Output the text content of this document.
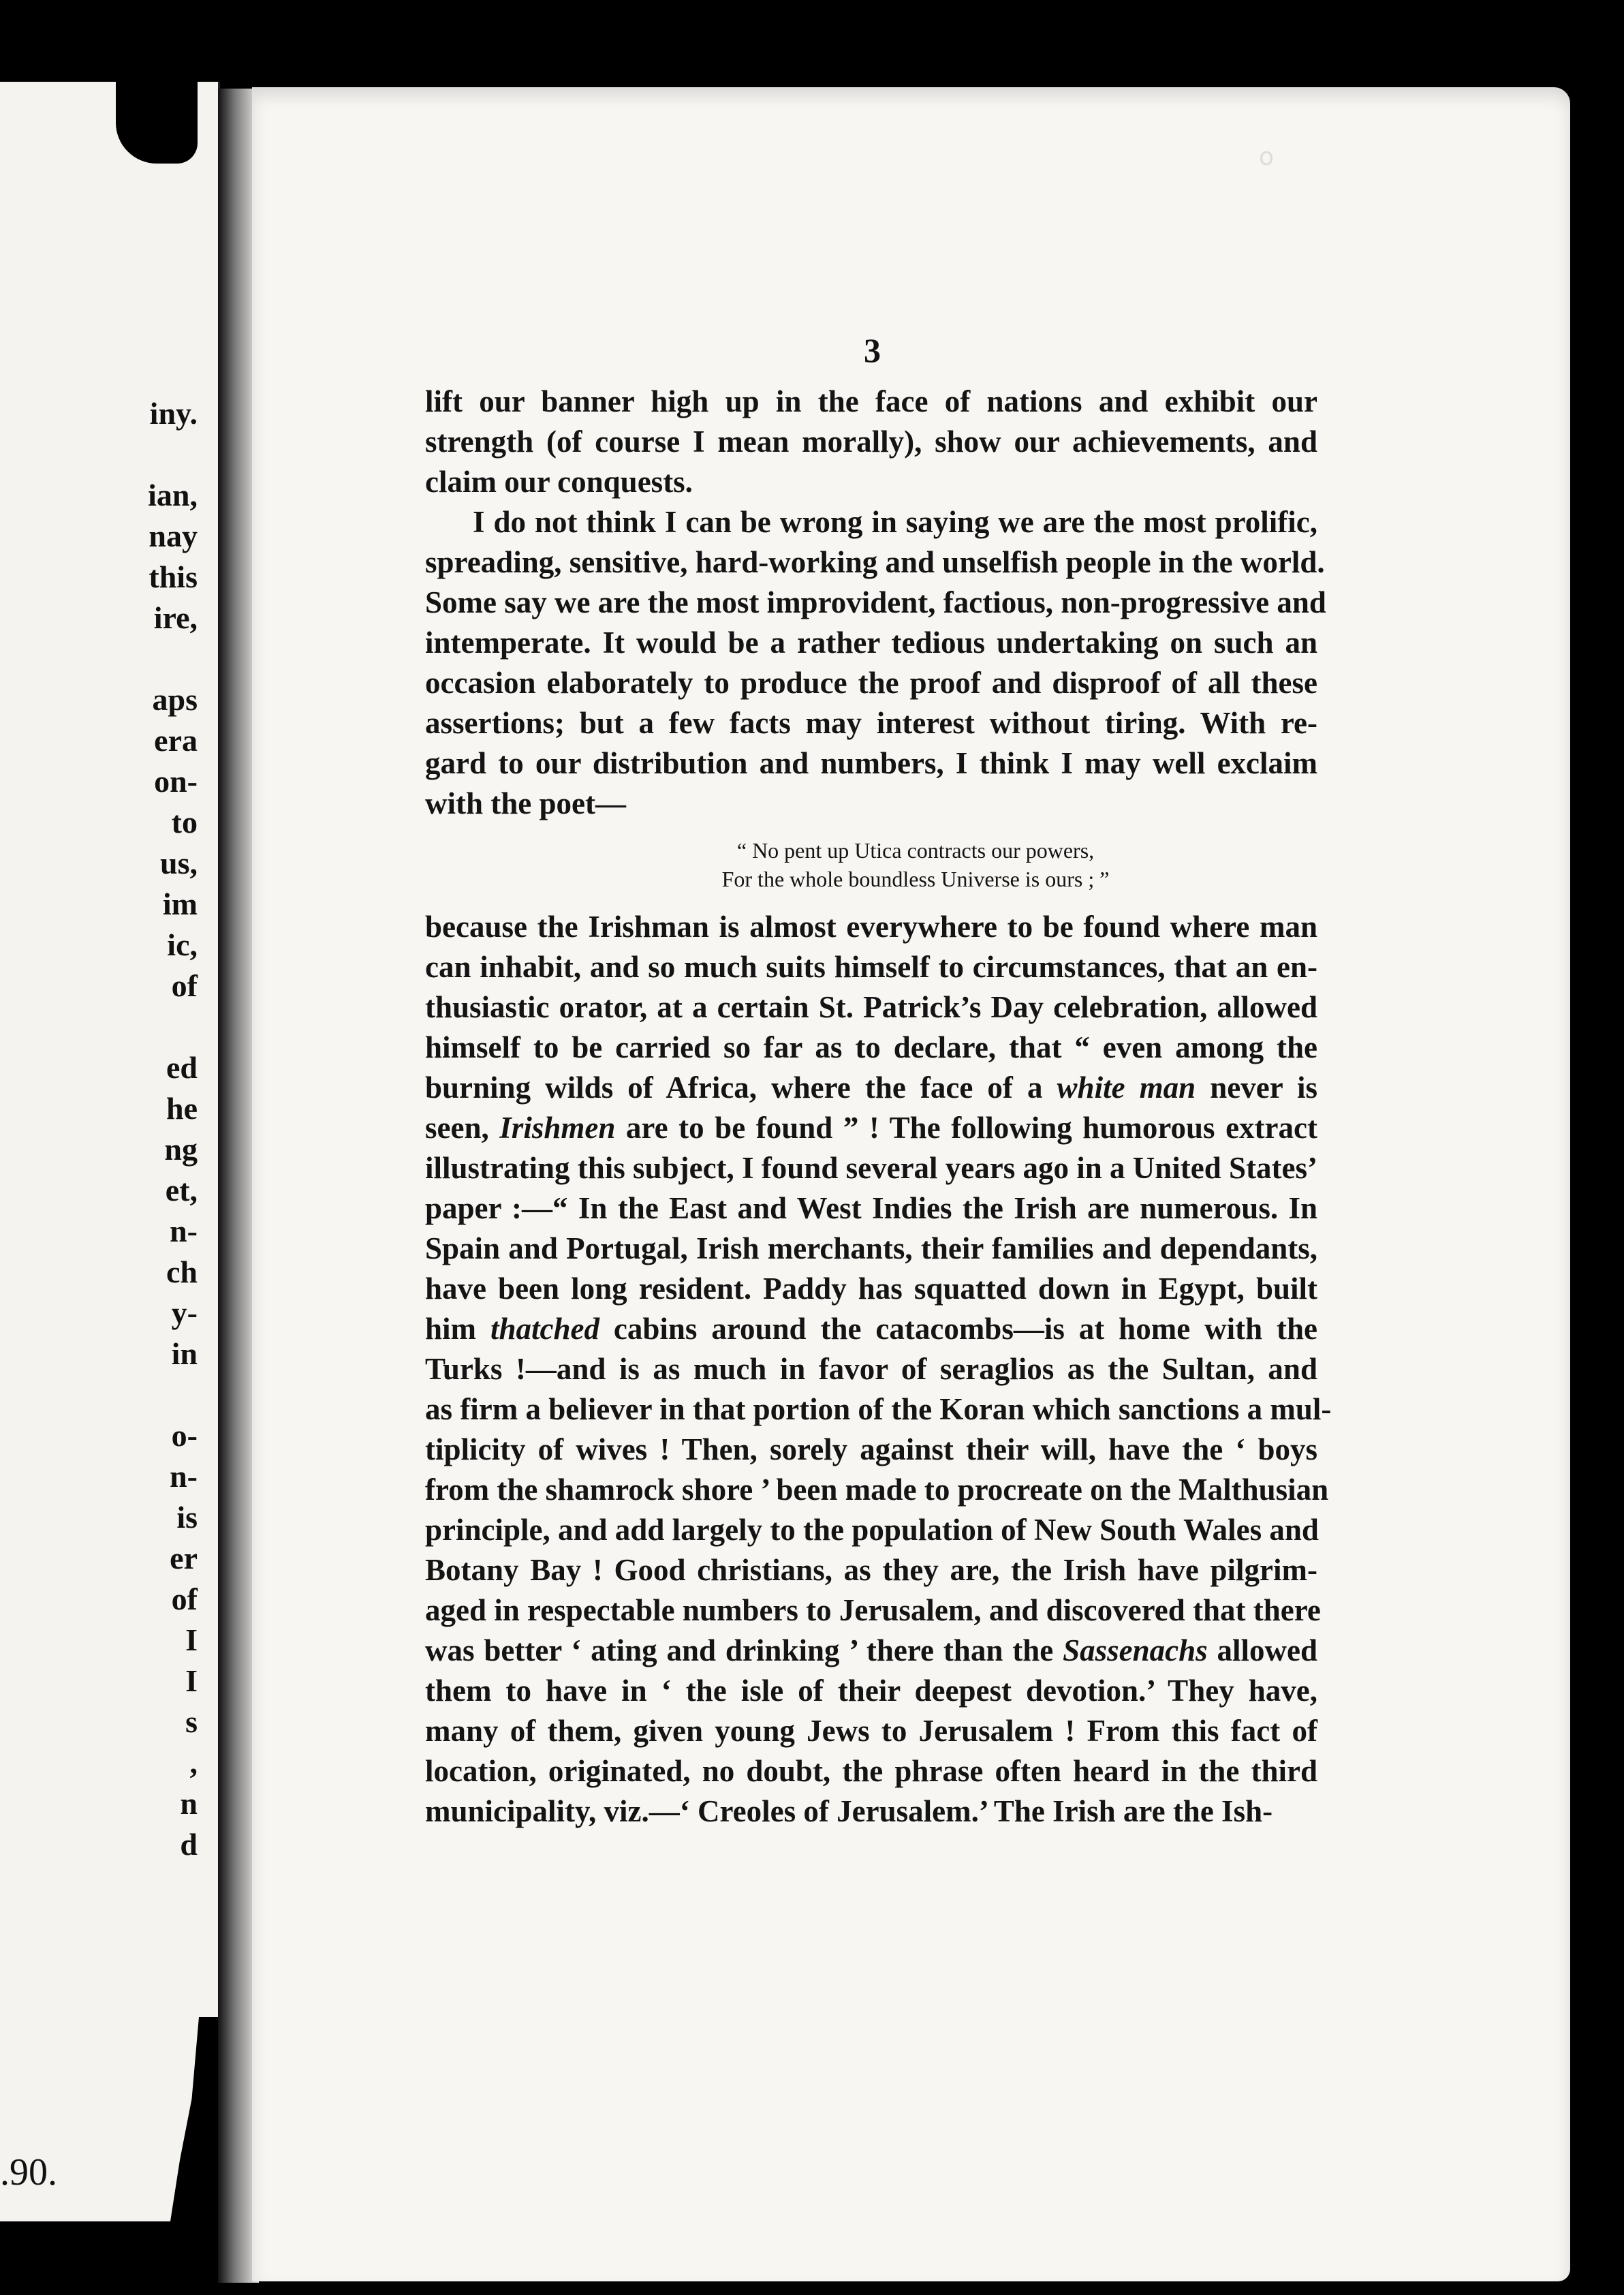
iny.
ian,
nay
this
ire,
aps
era
on-
to
us,
im
ic,
of
ed
he
ng
et,
n-
ch
y-
in
o-
n-
is
er
of
I
I
s
,
n
d
.90.
o
3

lift our banner high up in the face of nations and exhibit our
strength (of course I mean morally), show our achievements, and
claim our conquests.

I do not think I can be wrong in saying we are the most prolific,
spreading, sensitive, hard-working and unselfish people in the world.
Some say we are the most improvident, factious, non-progressive and
intemperate. It would be a rather tedious undertaking on such an
occasion elaborately to produce the proof and disproof of all these
assertions; but a few facts may interest without tiring. With re-
gard to our distribution and numbers, I think I may well exclaim
with the poet—

“ No pent up Utica contracts our powers,
For the whole boundless Universe is ours ; ”

because the Irishman is almost everywhere to be found where man
can inhabit, and so much suits himself to circumstances, that an en-
thusiastic orator, at a certain St. Patrick’s Day celebration, allowed
himself to be carried so far as to declare, that “ even among the
burning wilds of Africa, where the face of a white man never is
seen, Irishmen are to be found ” ! The following humorous extract
illustrating this subject, I found several years ago in a United States’
paper :—“ In the East and West Indies the Irish are numerous. In
Spain and Portugal, Irish merchants, their families and dependants,
have been long resident. Paddy has squatted down in Egypt, built
him thatched cabins around the catacombs—is at home with the
Turks !—and is as much in favor of seraglios as the Sultan, and
as firm a believer in that portion of the Koran which sanctions a mul-
tiplicity of wives ! Then, sorely against their will, have the ‘ boys
from the shamrock shore ’ been made to procreate on the Malthusian
principle, and add largely to the population of New South Wales and
Botany Bay ! Good christians, as they are, the Irish have pilgrim-
aged in respectable numbers to Jerusalem, and discovered that there
was better ‘ ating and drinking ’ there than the Sassenachs allowed
them to have in ‘ the isle of their deepest devotion.’ They have,
many of them, given young Jews to Jerusalem ! From this fact of
location, originated, no doubt, the phrase often heard in the third
municipality, viz.—‘ Creoles of Jerusalem.’ The Irish are the Ish-
